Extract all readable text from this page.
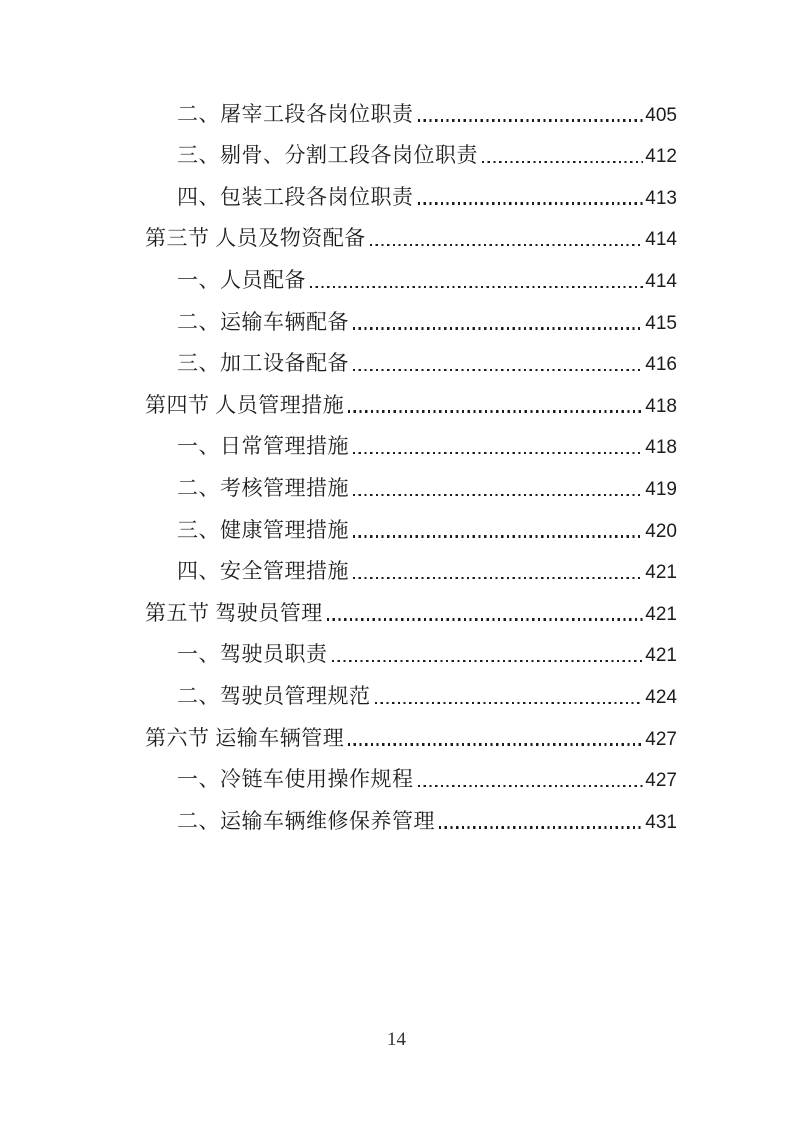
二、屠宰工段各岗位职责	405
三、剔骨、分割工段各岗位职责	412
四、包装工段各岗位职责	413
第三节 人员及物资配备	414
一、人员配备	414
二、运输车辆配备	415
三、加工设备配备	416
第四节 人员管理措施	418
一、日常管理措施	418
二、考核管理措施	419
三、健康管理措施	420
四、安全管理措施	421
第五节 驾驶员管理	421
一、驾驶员职责	421
二、驾驶员管理规范	424
第六节 运输车辆管理	427
一、冷链车使用操作规程	427
二、运输车辆维修保养管理	431
14
